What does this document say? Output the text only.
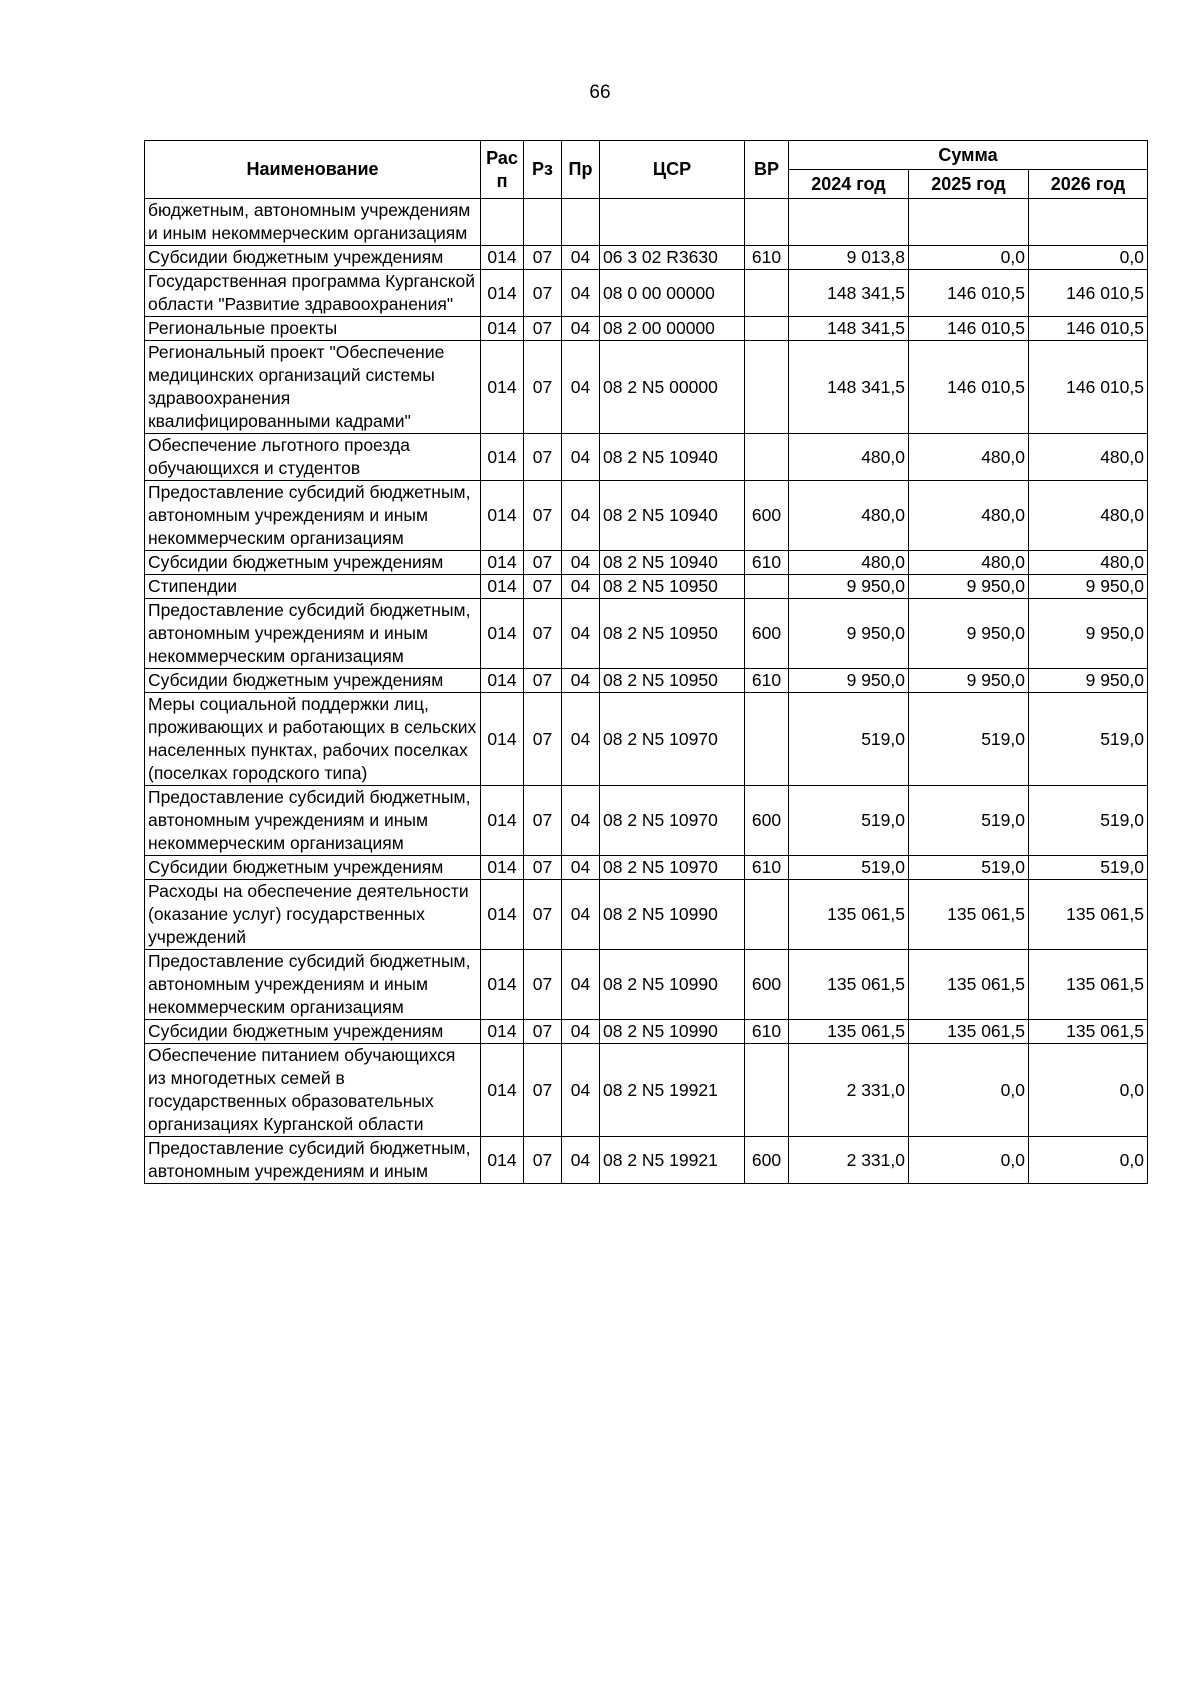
66
Наименование	Рас п	Рз	Пр	ЦСР	ВР	Сумма		
						2024 год	2025 год	2026 год
бюджетным, автономным учреждениям и иным некоммерческим организациям								
Субсидии бюджетным учреждениям	014	07	04	06 3 02 R3630	610	9 013,8	0,0	0,0
Государственная программа Курганской области "Развитие здравоохранения"	014	07	04	08 0 00 00000		148 341,5	146 010,5	146 010,5
Региональные проекты	014	07	04	08 2 00 00000		148 341,5	146 010,5	146 010,5
Региональный проект "Обеспечение медицинских организаций системы здравоохранения квалифицированными кадрами"	014	07	04	08 2 N5 00000		148 341,5	146 010,5	146 010,5
Обеспечение льготного проезда обучающихся и студентов	014	07	04	08 2 N5 10940		480,0	480,0	480,0
Предоставление субсидий бюджетным, автономным учреждениям и иным некоммерческим организациям	014	07	04	08 2 N5 10940	600	480,0	480,0	480,0
Субсидии бюджетным учреждениям	014	07	04	08 2 N5 10940	610	480,0	480,0	480,0
Стипендии	014	07	04	08 2 N5 10950		9 950,0	9 950,0	9 950,0
Предоставление субсидий бюджетным, автономным учреждениям и иным некоммерческим организациям	014	07	04	08 2 N5 10950	600	9 950,0	9 950,0	9 950,0
Субсидии бюджетным учреждениям	014	07	04	08 2 N5 10950	610	9 950,0	9 950,0	9 950,0
Меры социальной поддержки лиц, проживающих и работающих в сельских населенных пунктах, рабочих поселках (поселках городского типа)	014	07	04	08 2 N5 10970		519,0	519,0	519,0
Предоставление субсидий бюджетным, автономным учреждениям и иным некоммерческим организациям	014	07	04	08 2 N5 10970	600	519,0	519,0	519,0
Субсидии бюджетным учреждениям	014	07	04	08 2 N5 10970	610	519,0	519,0	519,0
Расходы на обеспечение деятельности (оказание услуг) государственных учреждений	014	07	04	08 2 N5 10990		135 061,5	135 061,5	135 061,5
Предоставление субсидий бюджетным, автономным учреждениям и иным некоммерческим организациям	014	07	04	08 2 N5 10990	600	135 061,5	135 061,5	135 061,5
Субсидии бюджетным учреждениям	014	07	04	08 2 N5 10990	610	135 061,5	135 061,5	135 061,5
Обеспечение питанием обучающихся из многодетных семей в государственных образовательных организациях Курганской области	014	07	04	08 2 N5 19921		2 331,0	0,0	0,0
Предоставление субсидий бюджетным, автономным учреждениям и иным	014	07	04	08 2 N5 19921	600	2 331,0	0,0	0,0
